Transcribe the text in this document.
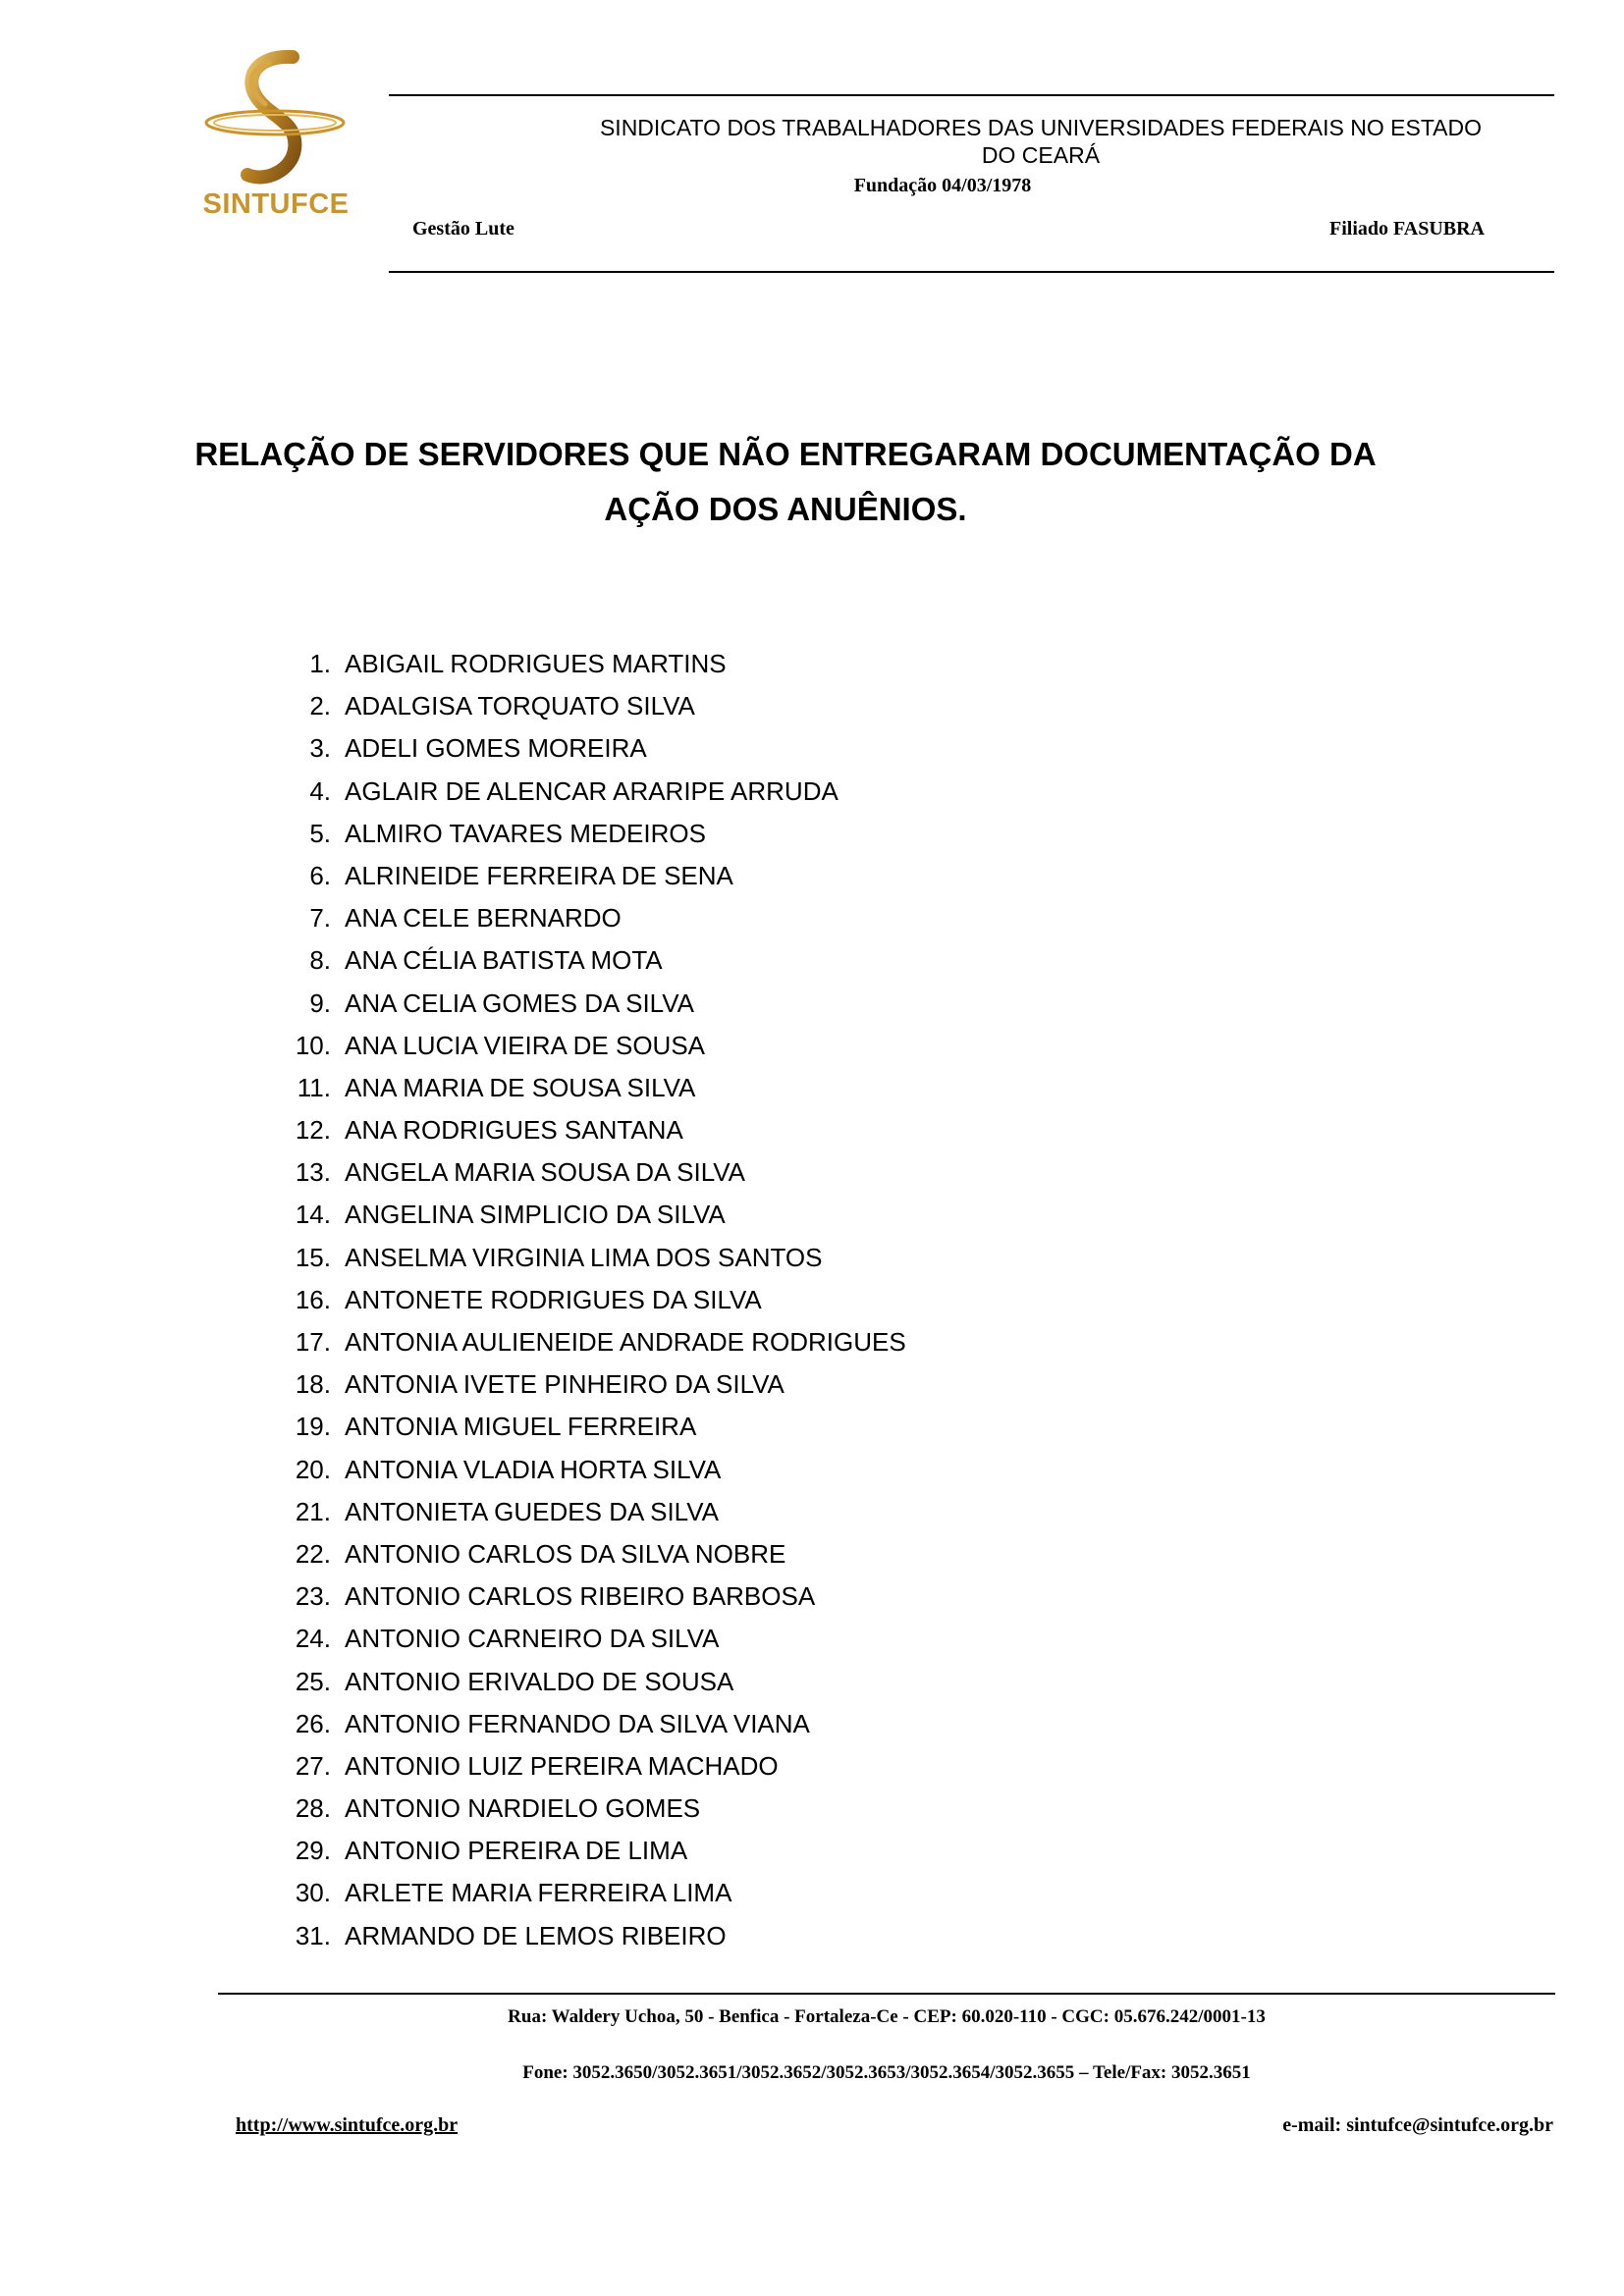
SINTUFCE
SINDICATO DOS TRABALHADORES DAS UNIVERSIDADES FEDERAIS NO ESTADO
DO CEARÁ
Fundação 04/03/1978
Gestão Lute	Filiado FASUBRA
RELAÇÃO DE SERVIDORES QUE NÃO ENTREGARAM DOCUMENTAÇÃO DA
AÇÃO DOS ANUÊNIOS.
1. ABIGAIL RODRIGUES MARTINS
2. ADALGISA TORQUATO SILVA
3. ADELI GOMES MOREIRA
4. AGLAIR DE ALENCAR ARARIPE ARRUDA
5. ALMIRO TAVARES MEDEIROS
6. ALRINEIDE FERREIRA DE SENA
7. ANA CELE BERNARDO
8. ANA CÉLIA BATISTA MOTA
9. ANA CELIA GOMES DA SILVA
10. ANA LUCIA VIEIRA DE SOUSA
11. ANA MARIA DE SOUSA SILVA
12. ANA RODRIGUES SANTANA
13. ANGELA MARIA SOUSA DA SILVA
14. ANGELINA SIMPLICIO DA SILVA
15. ANSELMA VIRGINIA LIMA DOS SANTOS
16. ANTONETE RODRIGUES DA SILVA
17. ANTONIA AULIENEIDE ANDRADE RODRIGUES
18. ANTONIA IVETE PINHEIRO DA SILVA
19. ANTONIA MIGUEL FERREIRA
20. ANTONIA VLADIA HORTA SILVA
21. ANTONIETA GUEDES DA SILVA
22. ANTONIO CARLOS DA SILVA NOBRE
23. ANTONIO CARLOS RIBEIRO BARBOSA
24. ANTONIO CARNEIRO DA SILVA
25. ANTONIO ERIVALDO DE SOUSA
26. ANTONIO FERNANDO DA SILVA VIANA
27. ANTONIO LUIZ PEREIRA MACHADO
28. ANTONIO NARDIELO GOMES
29. ANTONIO PEREIRA DE LIMA
30. ARLETE MARIA FERREIRA LIMA
31. ARMANDO DE LEMOS RIBEIRO
Rua: Waldery Uchoa, 50 - Benfica - Fortaleza-Ce - CEP: 60.020-110 - CGC: 05.676.242/0001-13
Fone: 3052.3650/3052.3651/3052.3652/3052.3653/3052.3654/3052.3655 – Tele/Fax: 3052.3651
http://www.sintufce.org.br	e-mail: sintufce@sintufce.org.br
